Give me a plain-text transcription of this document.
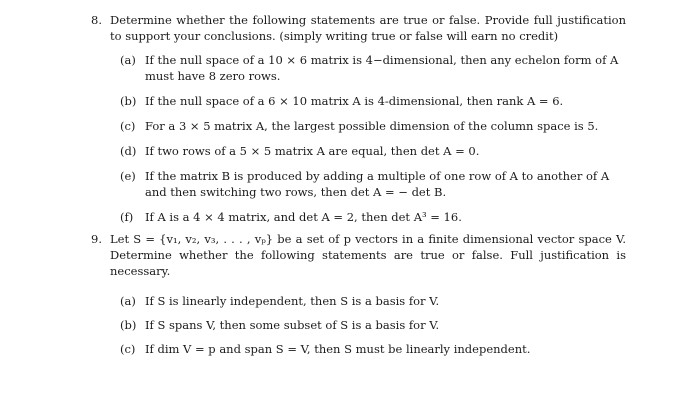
8. Determine whether the following statements are true or false. Provide full justification to support your conclusions. (simply writing true or false will earn no credit)
(a) If the null space of a 10 × 6 matrix is 4−dimensional, then any echelon form of A must have 8 zero rows.
(b) If the null space of a 6 × 10 matrix A is 4-dimensional, then rank A = 6.
(c) For a 3 × 5 matrix A, the largest possible dimension of the column space is 5.
(d) If two rows of a 5 × 5 matrix A are equal, then det A = 0.
(e) If the matrix B is produced by adding a multiple of one row of A to another of A and then switching two rows, then det A = − det B.
(f) If A is a 4 × 4 matrix, and det A = 2, then det A³ = 16.
9. Let S = {v₁, v₂, v₃, . . . , vₚ} be a set of p vectors in a finite dimensional vector space V. Determine whether the following statements are true or false. Full justification is necessary.
(a) If S is linearly independent, then S is a basis for V.
(b) If S spans V, then some subset of S is a basis for V.
(c) If dim V = p and span S = V, then S must be linearly independent.
